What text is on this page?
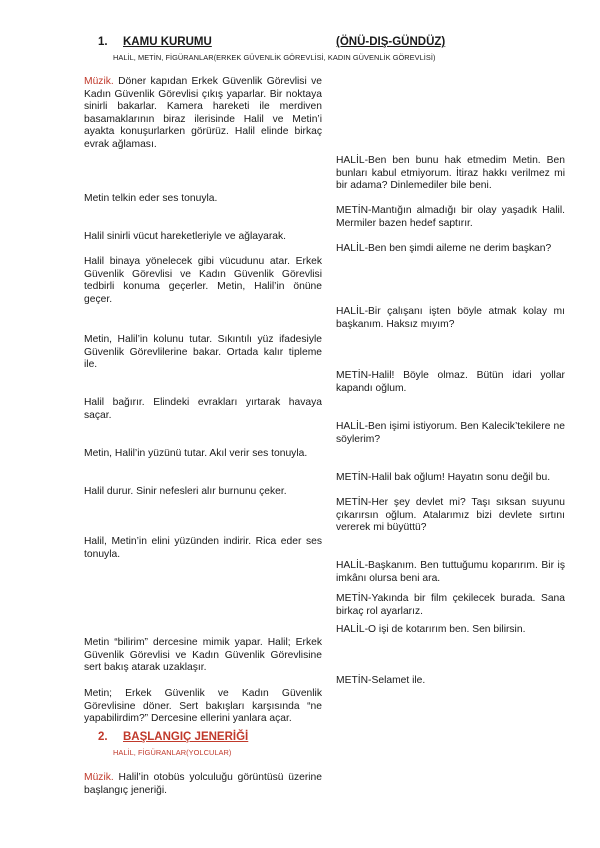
1. KAMU KURUMU	(ÖNÜ-DIŞ-GÜNDÜZ)
HALİL, METİN, FİGÜRANLAR(ERKEK GÜVENLİK GÖREVLİSİ, KADIN GÜVENLİK GÖREVLİSİ)
Müzik. Döner kapıdan Erkek Güvenlik Görevlisi ve Kadın Güvenlik Görevlisi çıkış yaparlar. Bir noktaya sinirli bakarlar. Kamera hareketi ile merdiven basamaklarının biraz ilerisinde Halil ve Metin’i ayakta konuşurlarken görürüz. Halil elinde birkaç evrak ağlaması.
Metin telkin eder ses tonuyla.
Halil sinirli vücut hareketleriyle ve ağlayarak.
Halil binaya yönelecek gibi vücudunu atar. Erkek Güvenlik Görevlisi ve Kadın Güvenlik Görevlisi tedbirli konuma geçerler. Metin, Halil’in önüne geçer.
Metin, Halil’in kolunu tutar. Sıkıntılı yüz ifadesiyle Güvenlik Görevlilerine bakar. Ortada kalır tipleme ile.
Halil bağırır. Elindeki evrakları yırtarak havaya saçar.
Metin, Halil’in yüzünü tutar. Akıl verir ses tonuyla.
Halil durur. Sinir nefesleri alır burnunu çeker.
Halil, Metin’in elini yüzünden indirir. Rica eder ses tonuyla.
Metin “bilirim” dercesine mimik yapar. Halil; Erkek Güvenlik Görevlisi ve Kadın Güvenlik Görevlisine sert bakış atarak uzaklaşır.
Metin; Erkek Güvenlik ve Kadın Güvenlik Görevlisine döner. Sert bakışları karşısında “ne yapabilirdim?” Dercesine ellerini yanlara açar.
HALİL-Ben ben bunu hak etmedim Metin. Ben bunları kabul etmiyorum. İtiraz hakkı verilmez mi bir adama? Dinlemediler bile beni.
METİN-Mantığın almadığı bir olay yaşadık Halil. Mermiler bazen hedef saptırır.
HALİL-Ben ben şimdi aileme ne derim başkan?
HALİL-Bir çalışanı işten böyle atmak kolay mı başkanım. Haksız mıyım?
METİN-Halil! Böyle olmaz. Bütün idari yollar kapandı oğlum.
HALİL-Ben işimi istiyorum. Ben Kalecik’tekilere ne söylerim?
METİN-Halil bak oğlum! Hayatın sonu değil bu.
METİN-Her şey devlet mi? Taşı sıksan suyunu çıkarırsın oğlum. Atalarımız bizi devlete sırtını vererek mi büyüttü?
HALİL-Başkanım. Ben tuttuğumu koparırım. Bir iş imkânı olursa beni ara.
METİN-Yakında bir film çekilecek burada. Sana birkaç rol ayarlarız.
HALİL-O işi de kotarırım ben. Sen bilirsin.
METİN-Selamet ile.
2. BAŞLANGIÇ JENERİĞİ
HALİL, FİGÜRANLAR(YOLCULAR)
Müzik. Halil’in otobüs yolculuğu görüntüsü üzerine başlangıç jeneriği.
